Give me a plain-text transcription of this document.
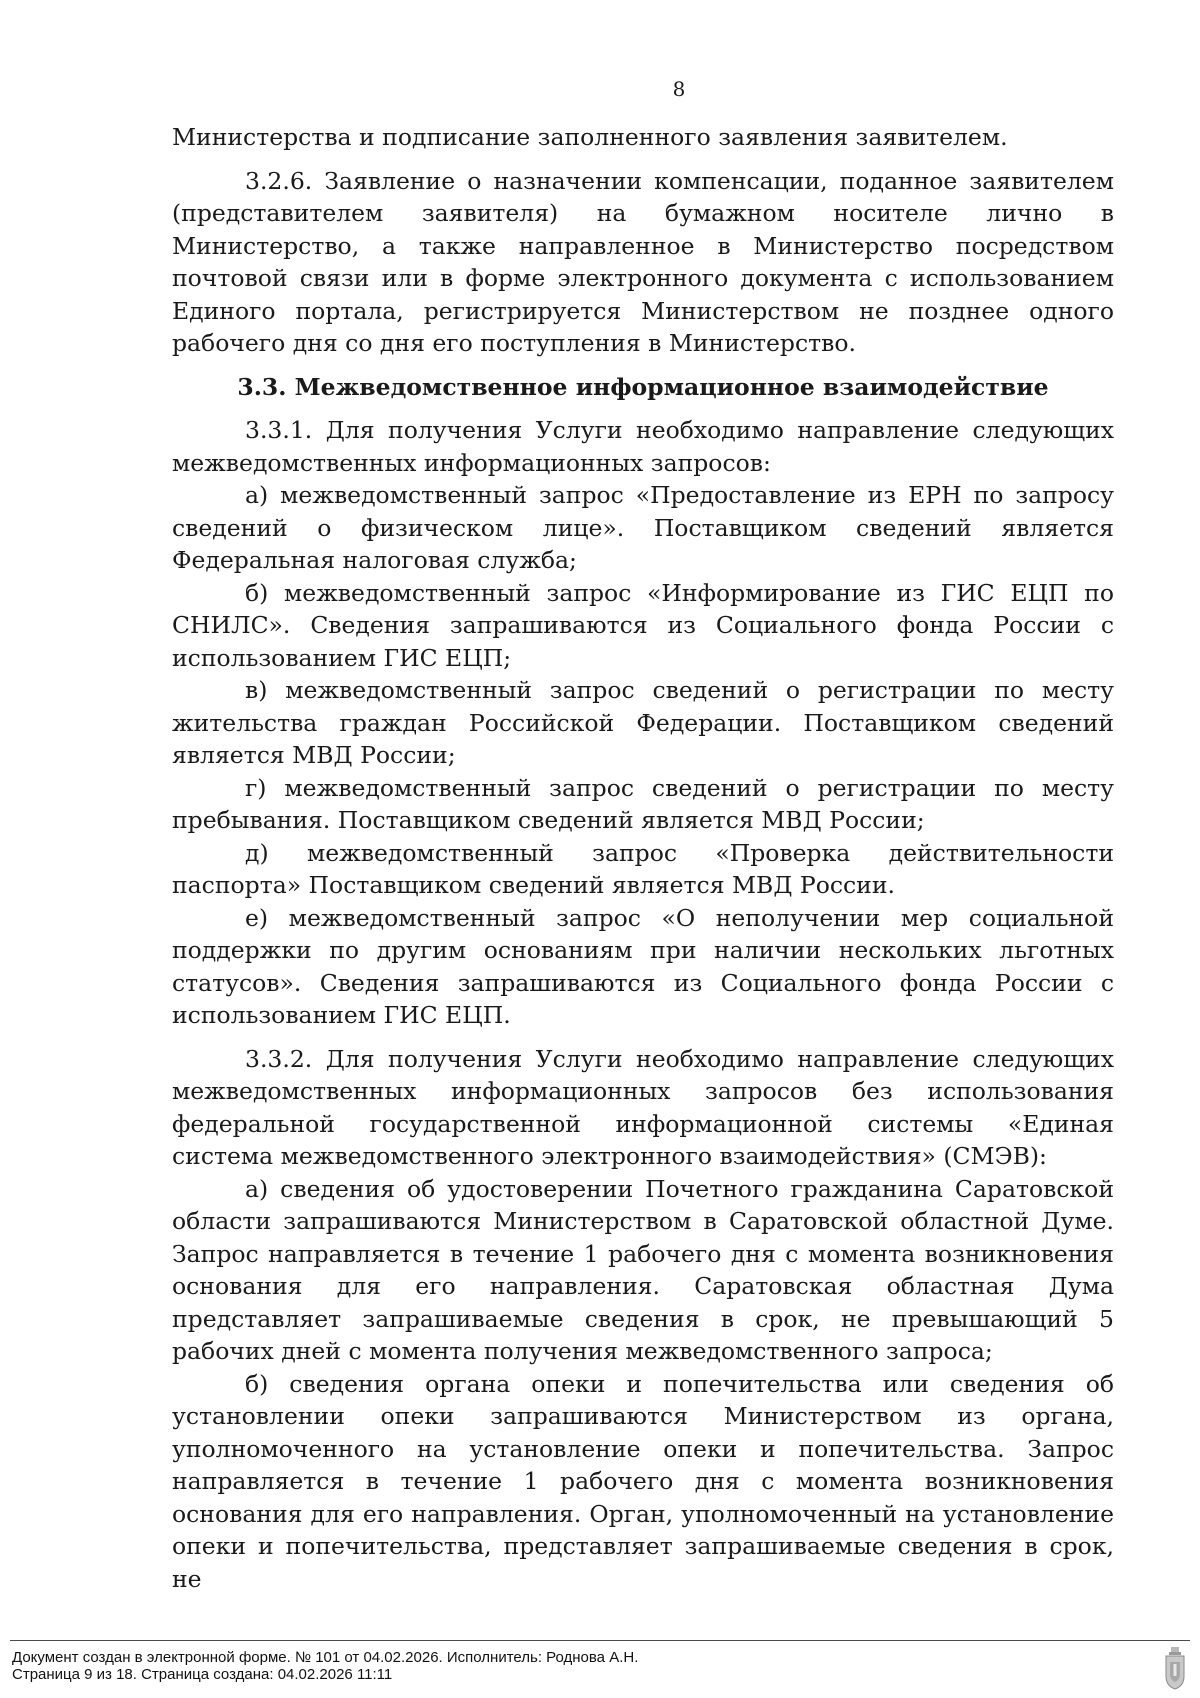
8

Министерства и подписание заполненного заявления заявителем.

3.2.6. Заявление о назначении компенсации, поданное заявителем (представителем заявителя) на бумажном носителе лично в Министерство, а также направленное в Министерство посредством почтовой связи или в форме электронного документа с использованием Единого портала, регистрируется Министерством не позднее одного рабочего дня со дня его поступления в Министерство.

3.3. Межведомственное информационное взаимодействие

3.3.1. Для получения Услуги необходимо направление следующих межведомственных информационных запросов:

а) межведомственный запрос «Предоставление из ЕРН по запросу сведений о физическом лице». Поставщиком сведений является Федеральная налоговая служба;

б) межведомственный запрос «Информирование из ГИС ЕЦП по СНИЛС». Сведения запрашиваются из Социального фонда России с использованием ГИС ЕЦП;

в) межведомственный запрос сведений о регистрации по месту жительства граждан Российской Федерации. Поставщиком сведений является МВД России;

г) межведомственный запрос сведений о регистрации по месту пребывания. Поставщиком сведений является МВД России;

д) межведомственный запрос «Проверка действительности паспорта» Поставщиком сведений является МВД России.

е) межведомственный запрос «О неполучении мер социальной поддержки по другим основаниям при наличии нескольких льготных статусов». Сведения запрашиваются из Социального фонда России с использованием ГИС ЕЦП.

3.3.2. Для получения Услуги необходимо направление следующих межведомственных информационных запросов без использования федеральной государственной информационной системы «Единая система межведомственного электронного взаимодействия» (СМЭВ):

а) сведения об удостоверении Почетного гражданина Саратовской области запрашиваются Министерством в Саратовской областной Думе. Запрос направляется в течение 1 рабочего дня с момента возникновения основания для его направления. Саратовская областная Дума представляет запрашиваемые сведения в срок, не превышающий 5 рабочих дней с момента получения межведомственного запроса;

б) сведения органа опеки и попечительства или сведения об установлении опеки запрашиваются Министерством из органа, уполномоченного на установление опеки и попечительства. Запрос направляется в течение 1 рабочего дня с момента возникновения основания для его направления. Орган, уполномоченный на установление опеки и попечительства, представляет запрашиваемые сведения в срок, не

Документ создан в электронной форме. № 101 от 04.02.2026. Исполнитель: Роднова А.Н.
Страница 9 из 18. Страница создана: 04.02.2026 11:11
